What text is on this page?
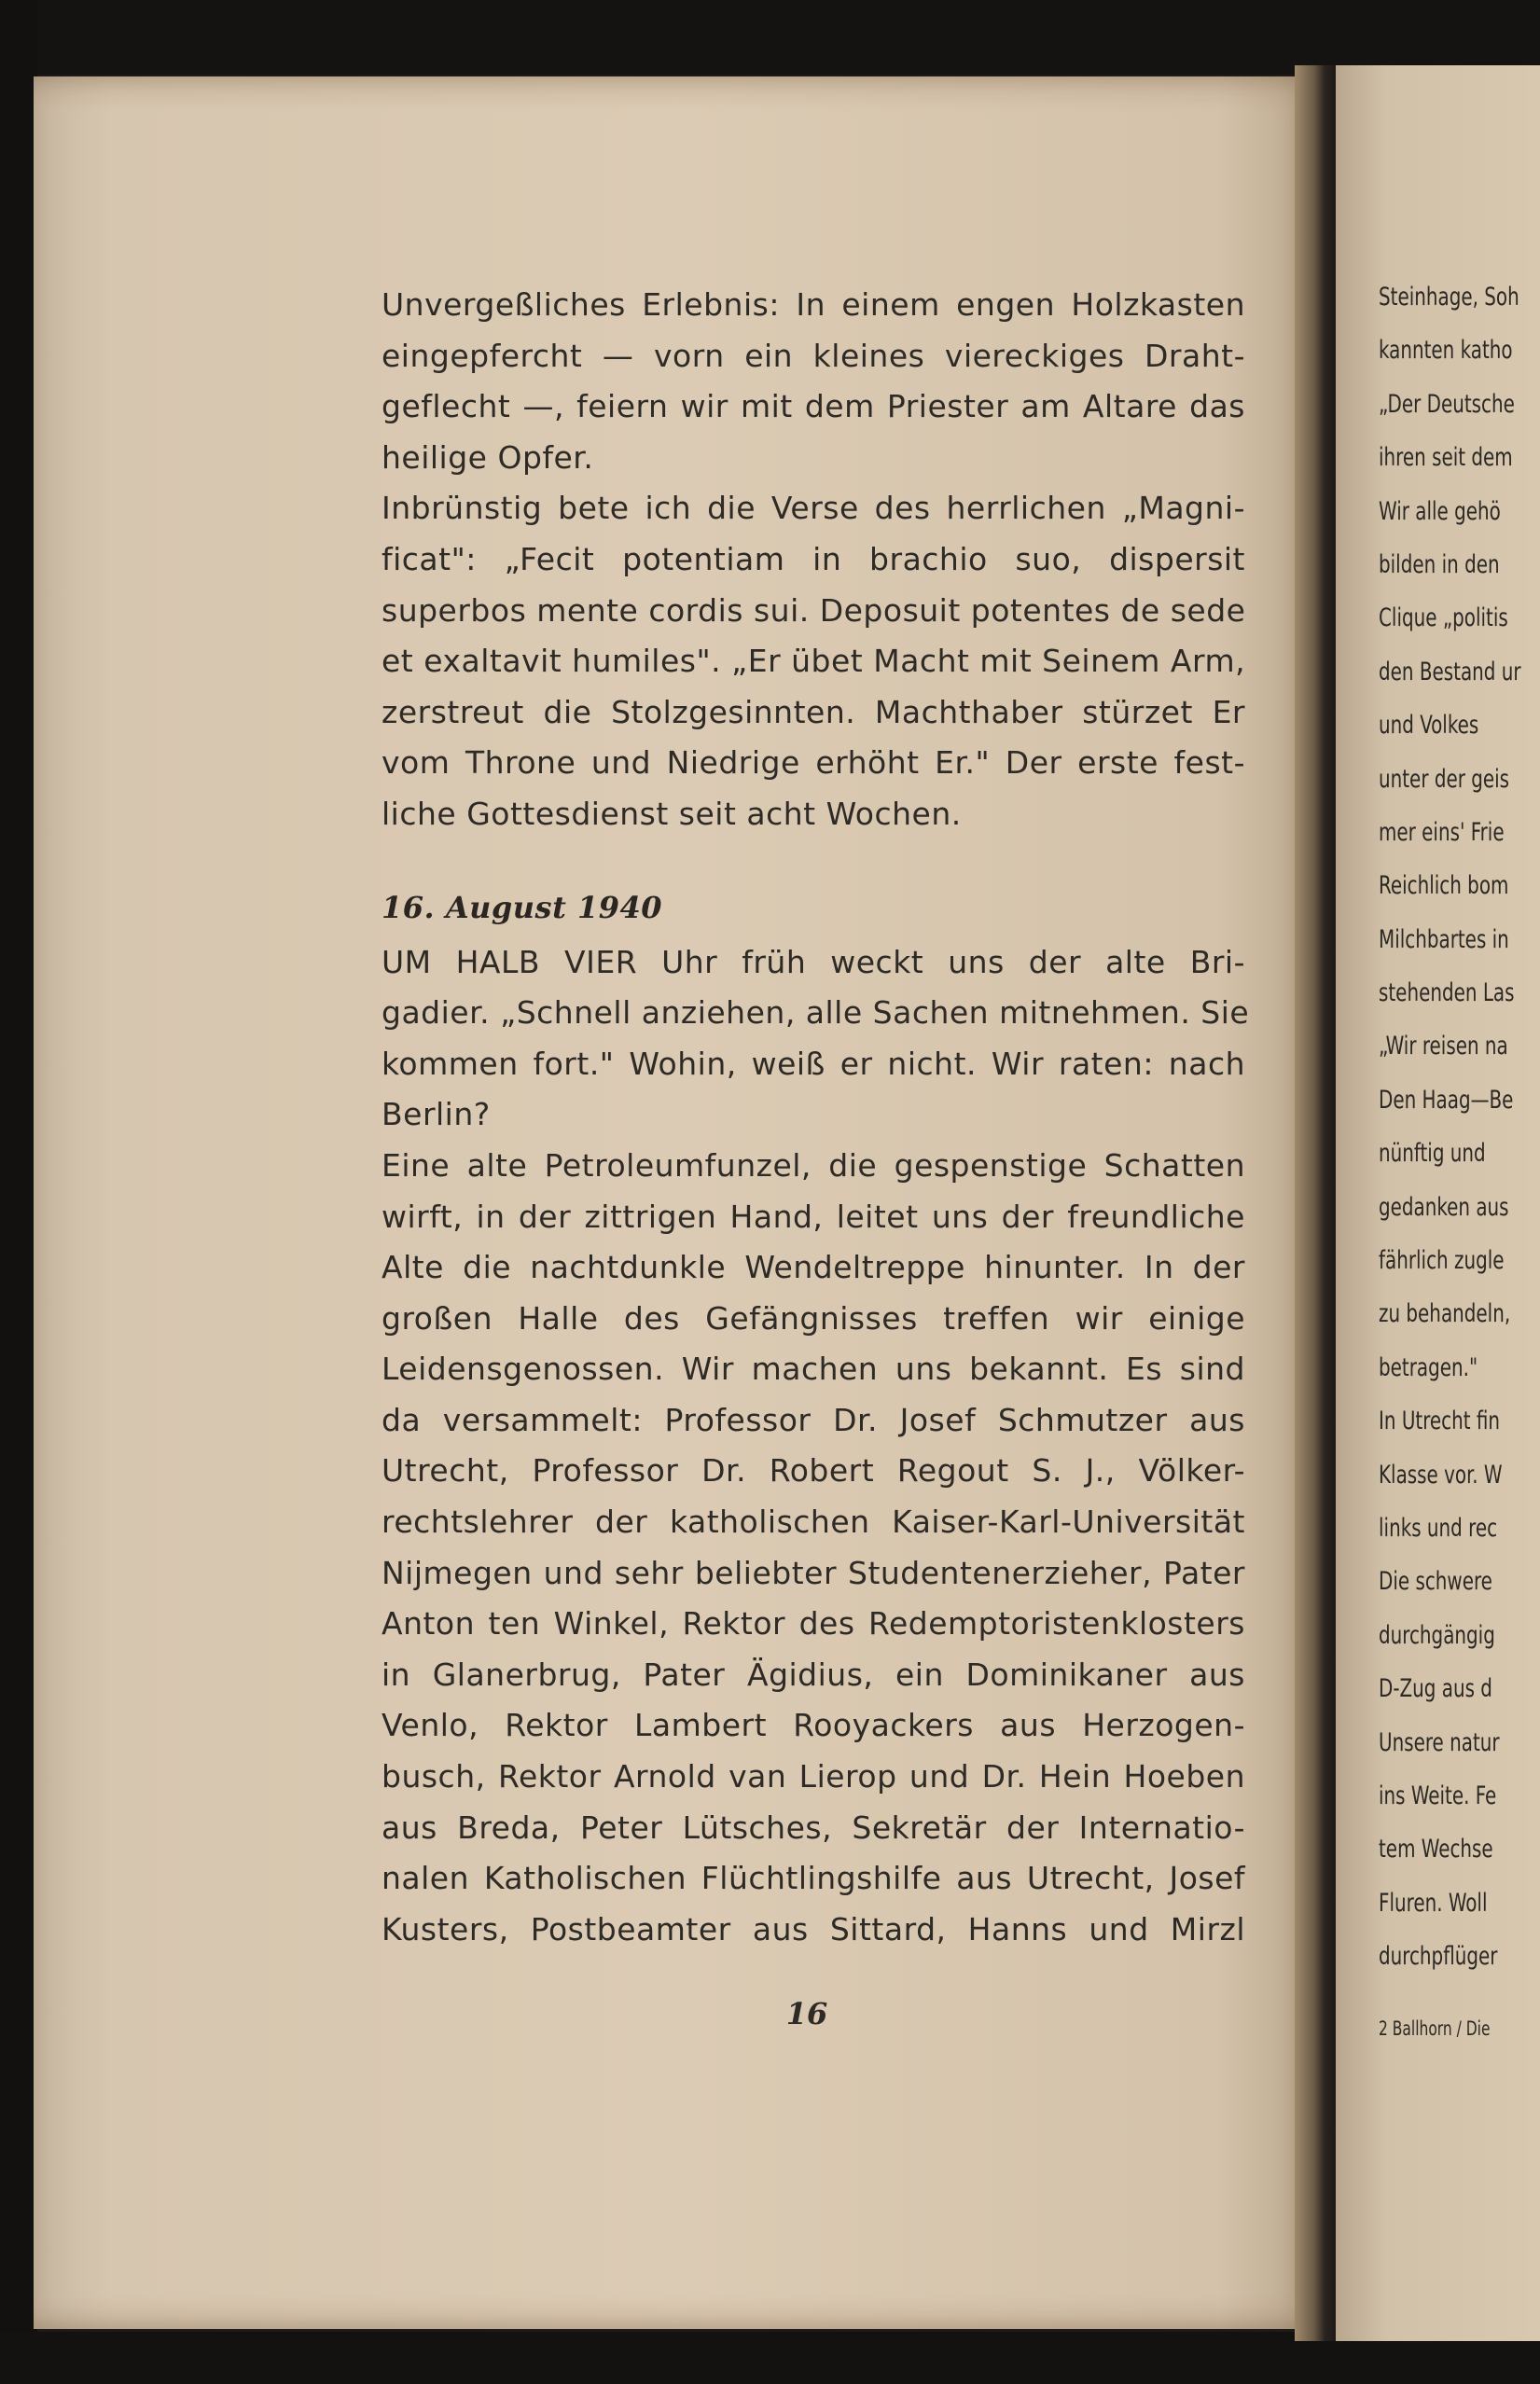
Unvergeßliches Erlebnis: In einem engen Holzkasten
eingepfercht — vorn ein kleines viereckiges Draht-
geflecht —, feiern wir mit dem Priester am Altare das
heilige Opfer.
Inbrünstig bete ich die Verse des herrlichen „Magni-
ficat": „Fecit potentiam in brachio suo, dispersit
superbos mente cordis sui. Deposuit potentes de sede
et exaltavit humiles". „Er übet Macht mit Seinem Arm,
zerstreut die Stolzgesinnten. Machthaber stürzet Er
vom Throne und Niedrige erhöht Er." Der erste fest-
liche Gottesdienst seit acht Wochen.
16. August 1940
UM HALB VIER Uhr früh weckt uns der alte Bri-
gadier. „Schnell anziehen, alle Sachen mitnehmen. Sie
kommen fort." Wohin, weiß er nicht. Wir raten: nach
Berlin?
Eine alte Petroleumfunzel, die gespenstige Schatten
wirft, in der zittrigen Hand, leitet uns der freundliche
Alte die nachtdunkle Wendeltreppe hinunter. In der
großen Halle des Gefängnisses treffen wir einige
Leidensgenossen. Wir machen uns bekannt. Es sind
da versammelt: Professor Dr. Josef Schmutzer aus
Utrecht, Professor Dr. Robert Regout S. J., Völker-
rechtslehrer der katholischen Kaiser-Karl-Universität
Nijmegen und sehr beliebter Studentenerzieher, Pater
Anton ten Winkel, Rektor des Redemptoristenklosters
in Glanerbrug, Pater Ägidius, ein Dominikaner aus
Venlo, Rektor Lambert Rooyackers aus Herzogen-
busch, Rektor Arnold van Lierop und Dr. Hein Hoeben
aus Breda, Peter Lütsches, Sekretär der Internatio-
nalen Katholischen Flüchtlingshilfe aus Utrecht, Josef
Kusters, Postbeamter aus Sittard, Hanns und Mirzl
16
Steinhage, Soh
kannten katho
„Der Deutsche
ihren seit dem
Wir alle gehö
bilden in den
Clique „politis
den Bestand ur
und Volkes
unter der geis
mer eins' Frie
Reichlich bom
Milchbartes in
stehenden Las
„Wir reisen na
Den Haag—Be
nünftig und
gedanken aus
fährlich zugle
zu behandeln,
betragen."
In Utrecht fin
Klasse vor. W
links und rec
Die schwere
durchgängig
D-Zug aus d
Unsere natur
ins Weite. Fe
tem Wechse
Fluren. Woll
durchpflüger
2 Ballhorn / Die
